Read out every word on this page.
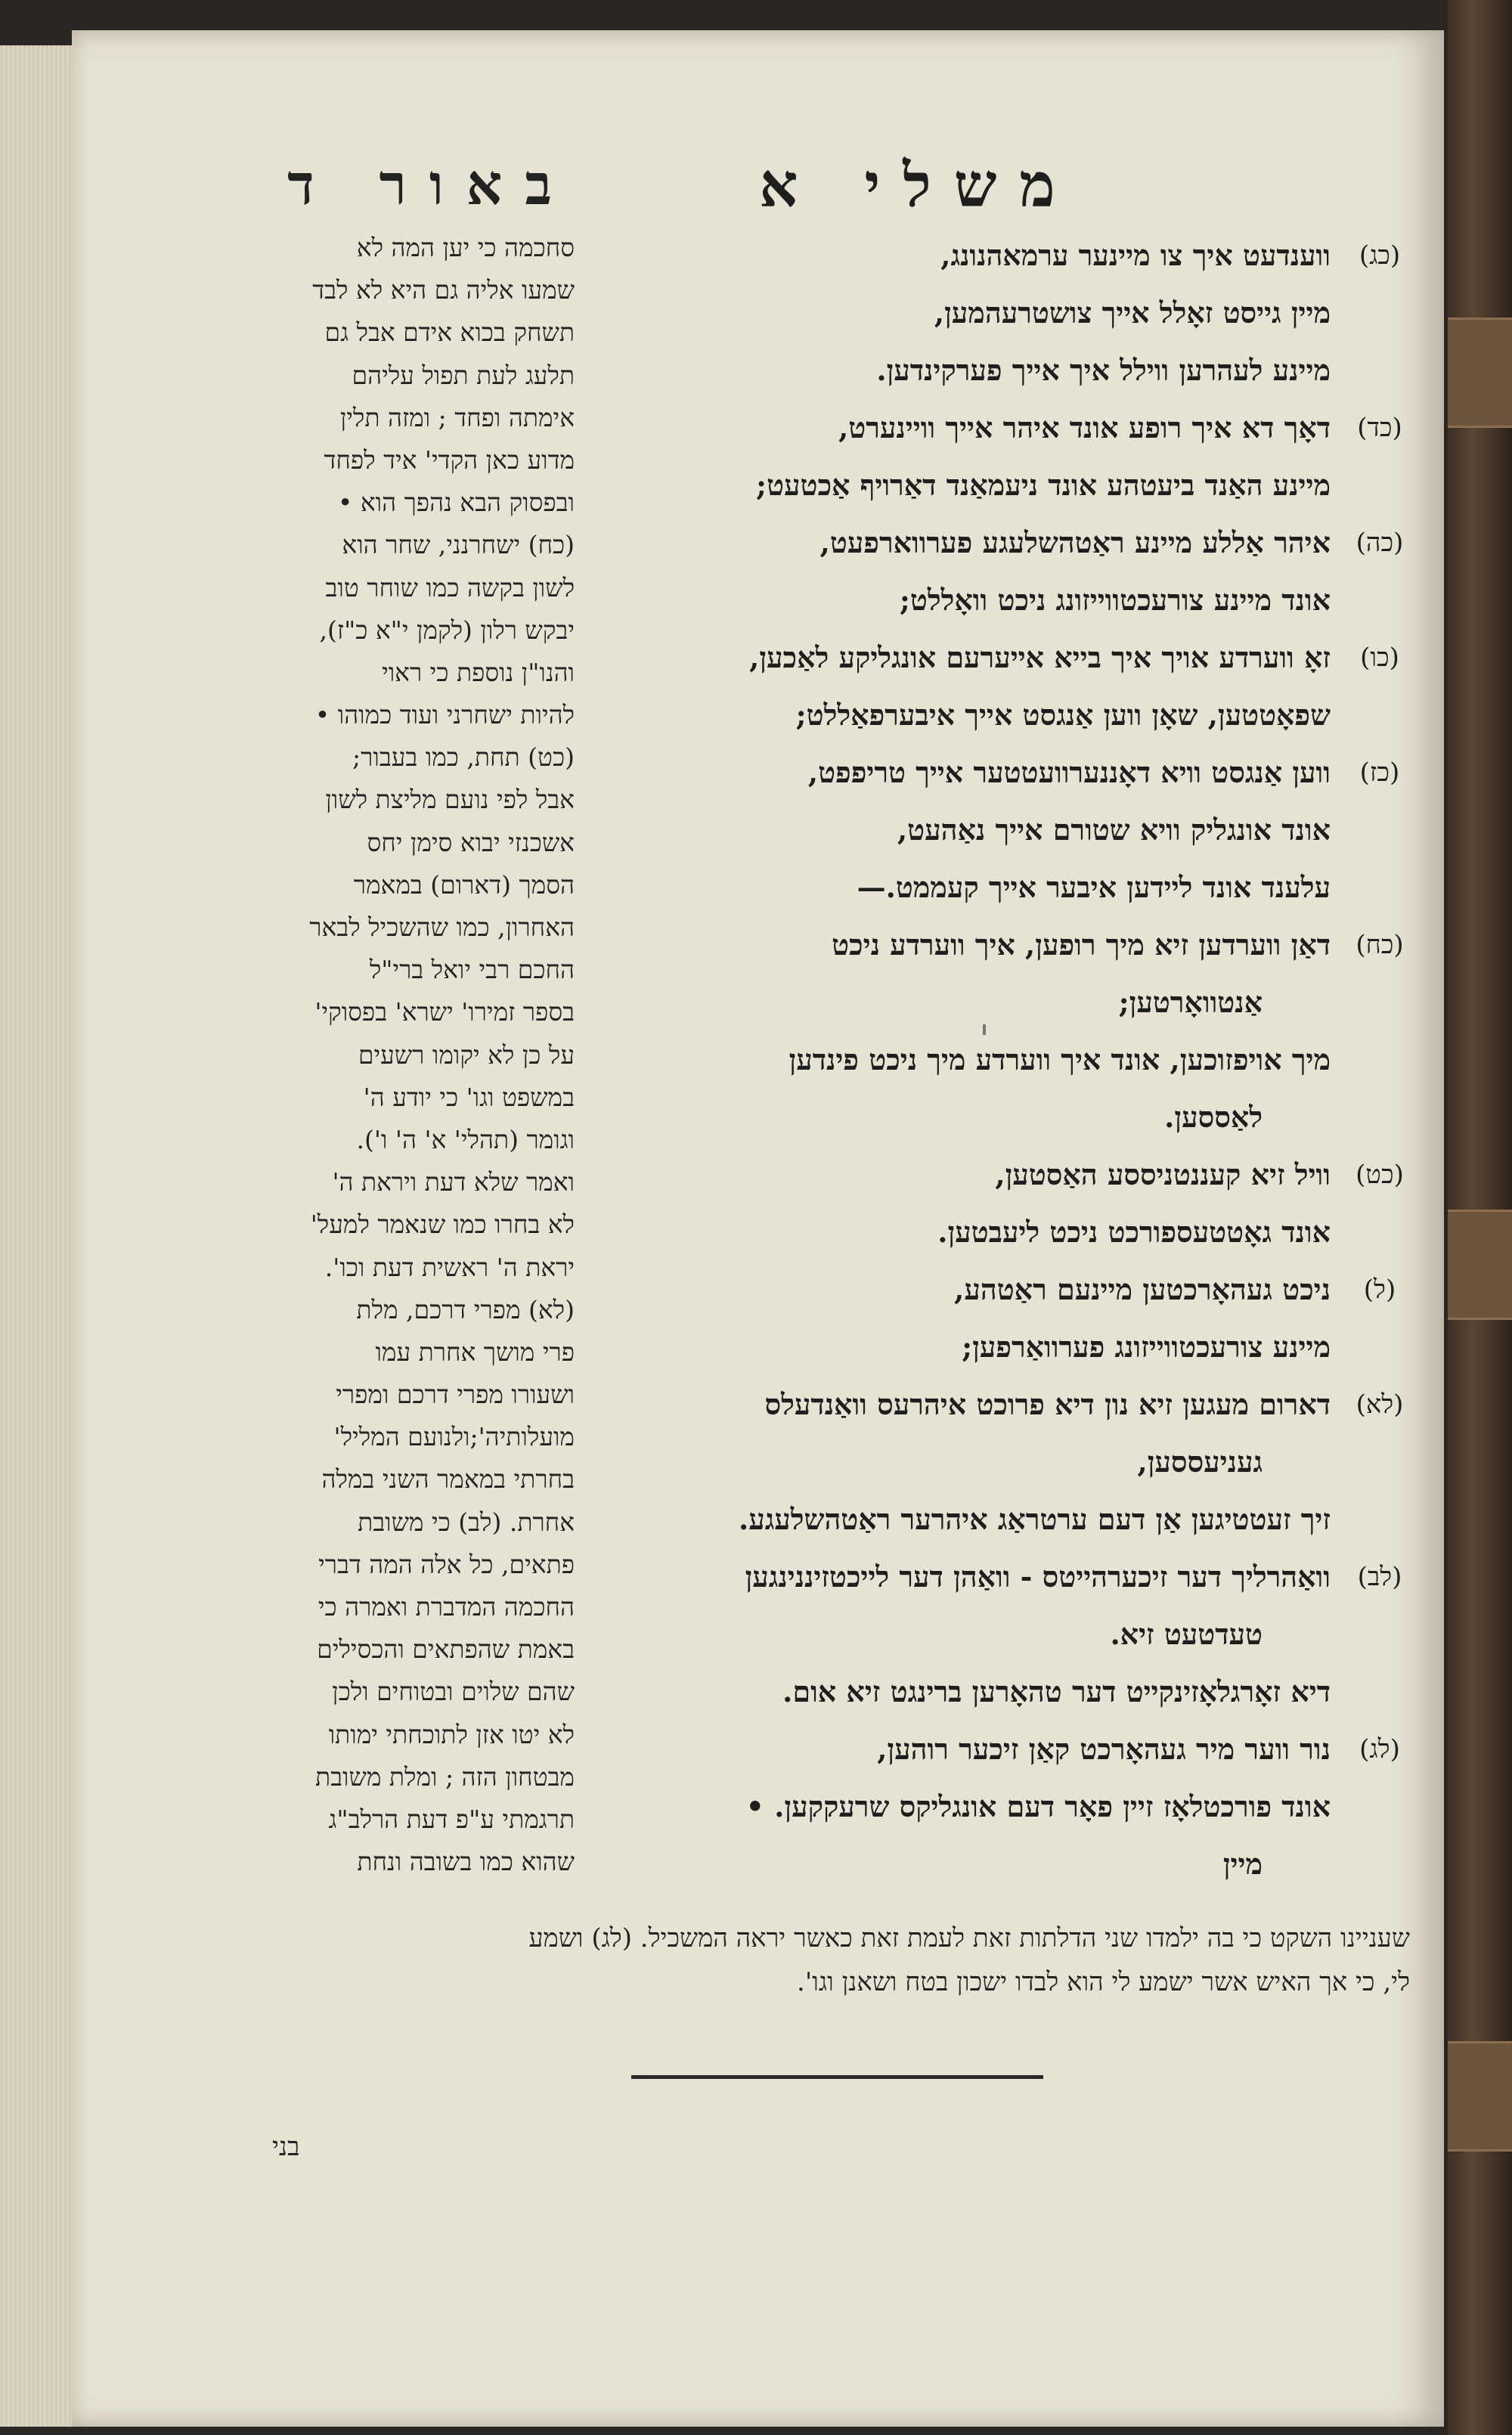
באור ד
סחכמה כי יען המה לא
שמעו אליה גם היא לא לבד
תשחק בכוא אידם אבל גם
תלעג לעת תפול עליהם
אימתה ופחד ; ומזה תלין
מדוע כאן הקדי' איד לפחד
ובפסוק הבא נהפך הוא •
(כח) ישחרנני, שחר הוא
לשון בקשה כמו שוחר טוב
יבקש רלון (לקמן י"א כ"ז),
והנו"ן נוספת כי ראוי
להיות ישחרני ועוד כמוהו •
(כט) תחת, כמו בעבור;
אבל לפי נועם מליצת לשון
אשכנזי יבוא סימן יחס
הסמך (דארום) במאמר
האחרון, כמו שהשכיל לבאר
החכם רבי יואל ברי"ל
בספר זמירו' ישרא' בפסוקי'
על כן לא יקומו רשעים
במשפט וגו' כי יודע ה'
וגומר (תהלי' א' ה' ו').
ואמר שלא דעת ויראת ה'
לא בחרו כמו שנאמר למעל'
יראת ה' ראשית דעת וכו'.
(לא) מפרי דרכם, מלת
פרי מושך אחרת עמו
ושעורו מפרי דרכם ומפרי
מועלותיה';ולנועם המליל'
בחרתי במאמר השני במלה
אחרת. (לב) כי משובת
פתאים, כל אלה המה דברי
החכמה המדברת ואמרה כי
באמת שהפתאים והכסילים
שהם שלוים ובטוחים ולכן
לא יטו אזן לתוכחתי ימותו
מבטחון הזה ; ומלת משובת
תרגמתי ע"פ דעת הרלב"ג
שהוא כמו בשובה ונחת
משלי א
(כג)
ווענדעט איך צו מיינער ערמאהנונג,
מיין גייסט זאָלל אייך צושטרעהמען,
מיינע לעהרען ווילל איך אייך פערקינדען.
(כד)
דאָך דא איך רופע אונד איהר אייך וויינערט,
מיינע האַנד ביעטהע אונד ניעמאַנד דאַרויף אַכטעט;
(כה)
איהר אַללע מיינע ראַטהשלעגע פערווארפעט,
אונד מיינע צורעכטווייזונג ניכט וואָללט;
(כו)
זאָ ווערדע אויך איך בייא אייערעם אונגליקע לאַכען,
שפאָטטען, שאָן ווען אַנגסט אייך איבערפאַללט;
(כז)
ווען אַנגסט וויא דאָננערוועטטער אייך טריפפט,
אונד אונגליק וויא שטורם אייך נאַהעט,
עלענד אונד ליידען איבער אייך קעממט.—
(כח)
דאַן ווערדען זיא מיך רופען, איך ווערדע ניכט
אַנטוואָרטען;
מיך אויפזוכען, אונד איך ווערדע מיך ניכט פינדען
לאַססען.
(כט)
וויל זיא קעננטניססע האַסטען,
אונד גאָטטעספורכט ניכט ליעבטען.
(ל)
ניכט געהאָרכטען מיינעם ראַטהע,
מיינע צורעכטווייזונג פערוואַרפען;
(לא)
דארום מעגען זיא נון דיא פרוכט איהרעס וואַנדעלס
געניעססען,
זיך זעטטיגען אַן דעם ערטראַג איהרער ראַטהשלעגע.
(לב)
וואַהרליך דער זיכערהייטס - וואַהן דער לייכטזיננינגען
טעדטעט זיא.
דיא זאָרגלאָזינקייט דער טהאָרען ברינגט זיא אום.
(לג)
נור ווער מיר געהאָרכט קאַן זיכער רוהען,
אונד פורכטלאָז זיין פאָר דעם אונגליקס שרעקקען. •
מיין
שעניינו השקט כי בה ילמדו שני הדלתות זאת לעמת זאת כאשר יראה המשכיל. (לג) ושמע
לי, כי אך האיש אשר ישמע לי הוא לבדו ישכון בטח ושאנן וגו'.
בני
